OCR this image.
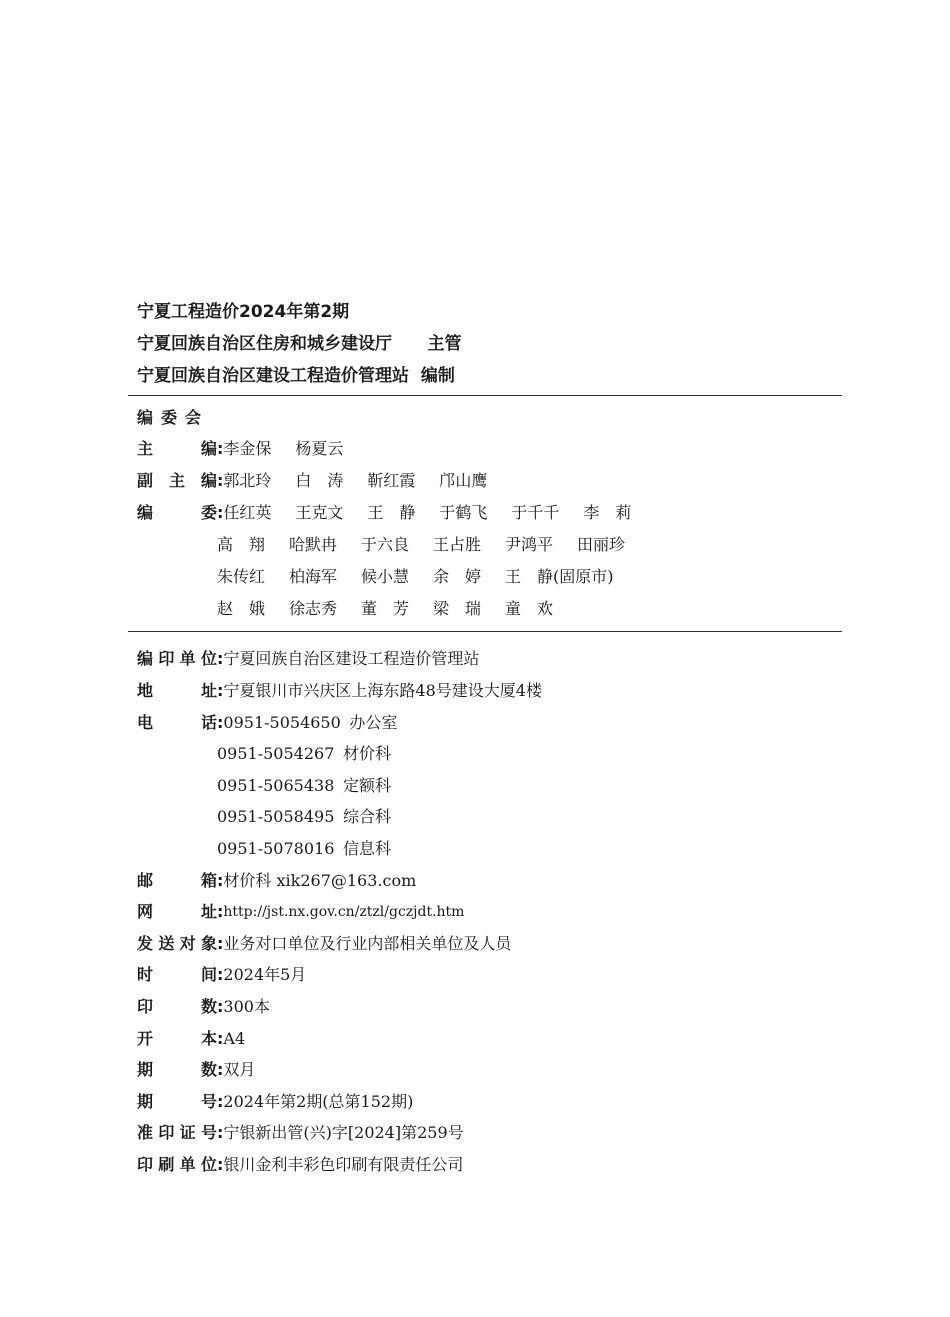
宁夏工程造价2024年第2期
宁夏回族自治区住房和城乡建设厅      主管
宁夏回族自治区建设工程造价管理站  编制
编委会
主编:李金保 杨夏云
副主编:郭北玲 白　涛 靳红霞 邝山鹰
编委:任红英 王克文 王　静 于鹤飞 于千千 李　莉
高　翔 哈默冉 于六良 王占胜 尹鸿平 田丽珍
朱传红 柏海军 候小慧 余　婷 王　静(固原市)
赵　娥 徐志秀 董　芳 梁　瑞 童　欢
编印单位:宁夏回族自治区建设工程造价管理站
地址:宁夏银川市兴庆区上海东路48号建设大厦4楼
电话:0951-5054650 办公室
0951-5054267 材价科
0951-5065438 定额科
0951-5058495 综合科
0951-5078016 信息科
邮箱:材价科 xik267@163.com
网址:http://jst.nx.gov.cn/ztzl/gczjdt.htm
发送对象:业务对口单位及行业内部相关单位及人员
时间:2024年5月
印数:300本
开本:A4
期数:双月
期号:2024年第2期(总第152期)
准印证号:宁银新出管(兴)字[2024]第259号
印刷单位:银川金利丰彩色印刷有限责任公司
